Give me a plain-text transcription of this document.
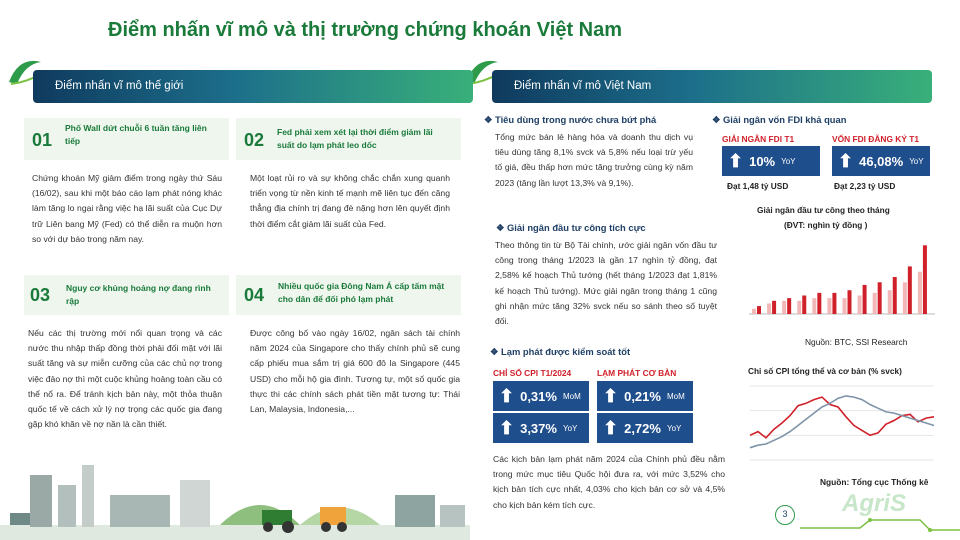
Điểm nhấn vĩ mô và thị trường chứng khoán Việt Nam
Điểm nhấn vĩ mô thế giới	Điểm nhấn vĩ mô Việt Nam
01
Phố Wall dứt chuỗi 6 tuần tăng liên tiếp
Chứng khoán Mỹ giảm điểm trong ngày thứ Sáu (16/02), sau khi một báo cáo lạm phát nóng khác làm tăng lo ngại rằng việc hạ lãi suất của Cục Dự trữ Liên bang Mỹ (Fed) có thể diễn ra muộn hơn so với dự báo trong năm nay.
02 Fed phải xem xét lại thời điểm giảm lãi suất do lạm phát leo dốc
Một loạt rủi ro và sự không chắc chắn xung quanh triển vọng từ nền kinh tế mạnh mẽ liên tục đến căng thẳng địa chính trị đang đè nặng hơn lên quyết định thời điểm cắt giảm lãi suất của Fed.
03 Nguy cơ khủng hoảng nợ đang rình rập
Nếu các thị trường mới nổi quan trọng và các nước thu nhập thấp đồng thời phải đối mặt với lãi suất tăng và sự miễn cưỡng của các chủ nợ trong việc đảo nợ thì một cuộc khủng hoảng toàn cầu có thể nổ ra. Để tránh kịch bản này, một thỏa thuận quốc tế về cách xử lý nợ trọng các quốc gia đang gặp khó khăn về nợ nần là cần thiết.
04 Nhiều quốc gia Đông Nam Á cấp tấm mặt cho dân để đối phó lạm phát
Được công bố vào ngày 16/02, ngân sách tài chính năm 2024 của Singapore cho thấy chính phủ sẽ cung cấp phiếu mua sắm trị giá 600 đô la Singapore (445 USD) cho mỗi hộ gia đình. Tương tự, một số quốc gia thực thi các chính sách phát tiền mặt tương tự: Thái Lan, Malaysia, Indonesia,...
❖ Tiêu dùng trong nước chưa bứt phá
Tổng mức bán lẻ hàng hóa và doanh thu dịch vụ tiêu dùng tăng 8,1% svck và 5,8% nếu loại trừ yếu tố giá, đều thấp hơn mức tăng trưởng cùng kỳ năm 2023 (tăng lần lượt 13,3% và 9,1%).
❖ Giải ngân đầu tư công tích cực
Theo thông tin từ Bộ Tài chính, ước giải ngân vốn đầu tư công trong tháng 1/2023 là gần 17 nghìn tỷ đồng, đạt 2,58% kế hoạch Thủ tướng (hết tháng 1/2023 đạt 1,81% kế hoạch Thủ tướng). Mức giải ngân trong tháng 1 cũng ghi nhận mức tăng 32% svck nếu so sánh theo số tuyệt đối.
❖ Lạm phát được kiểm soát tốt
CHỈ SỐ CPI T1/2024	LẠM PHÁT CƠ BẢN
⬆ 0,31% MoM ⬆ 0,21% MoM
⬆ 3,37% YoY ⬆ 2,72% YoY
Các kịch bản lạm phát năm 2024 của Chính phủ đều nằm trong mức mục tiêu Quốc hội đưa ra, với mức 3,52% cho kịch bản tích cực nhất, 4,03% cho kịch bản cơ sở và 4,5% cho kịch bản kém tích cực.
❖ Giải ngân vốn FDI khả quan
GIẢI NGÂN FDI T1	VỐN FDI ĐĂNG KÝ T1
⬆ 10% YoY ⬆ 46,08% YoY
Đạt 1,48 tỷ USD	Đạt 2,23 tỷ USD
Giải ngân đầu tư công theo tháng
(ĐVT: nghìn tỷ đồng )
Nguồn: BTC, SSI Research
Chỉ số CPI tổng thể và cơ bản (% svck)
Nguồn: Tổng cục Thống kê
3	AgriS
